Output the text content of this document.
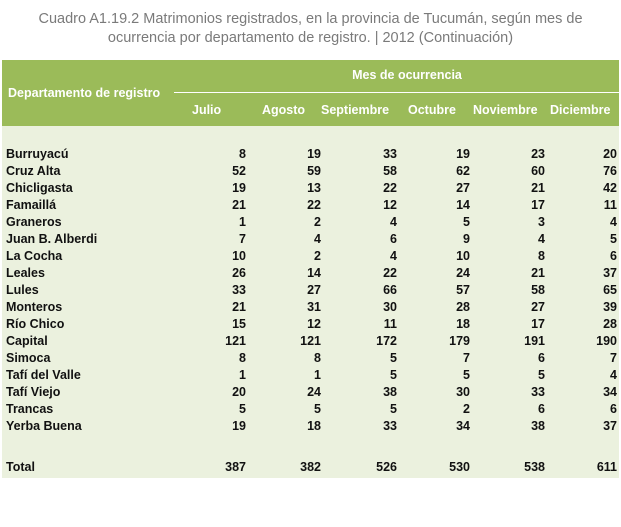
Cuadro A1.19.2 Matrimonios registrados, en la provincia de Tucumán, según mes de
ocurrencia por departamento de registro. | 2012 (Continuación)
Mes de ocurrencia
Departamento de registro
Julio	Agosto Septiembre Octubre Noviembre Diciembre
Burruyacú	8	19	33	19	23	20
Cruz Alta	52	59	58	62	60	76
Chicligasta	19	13	22	27	21	42
Famaillá	21	22	12	14	17	11
Graneros	1	2	4	5	3	4
Juan B. Alberdi	7	4	6	9	4	5
La Cocha	10	2	4	10	8	6
Leales	26	14	22	24	21	37
Lules	33	27	66	57	58	65
Monteros	21	31	30	28	27	39
Río Chico	15	12	11	18	17	28
Capital	121	121	172	179	191	190
Simoca	8	8	5	7	6	7
Tafí del Valle	1	1	5	5	5	4
Tafí Viejo	20	24	38	30	33	34
Trancas	5	5	5	2	6	6
Yerba Buena	19	18	33	34	38	37
Total	387	382	526	530	538	611
